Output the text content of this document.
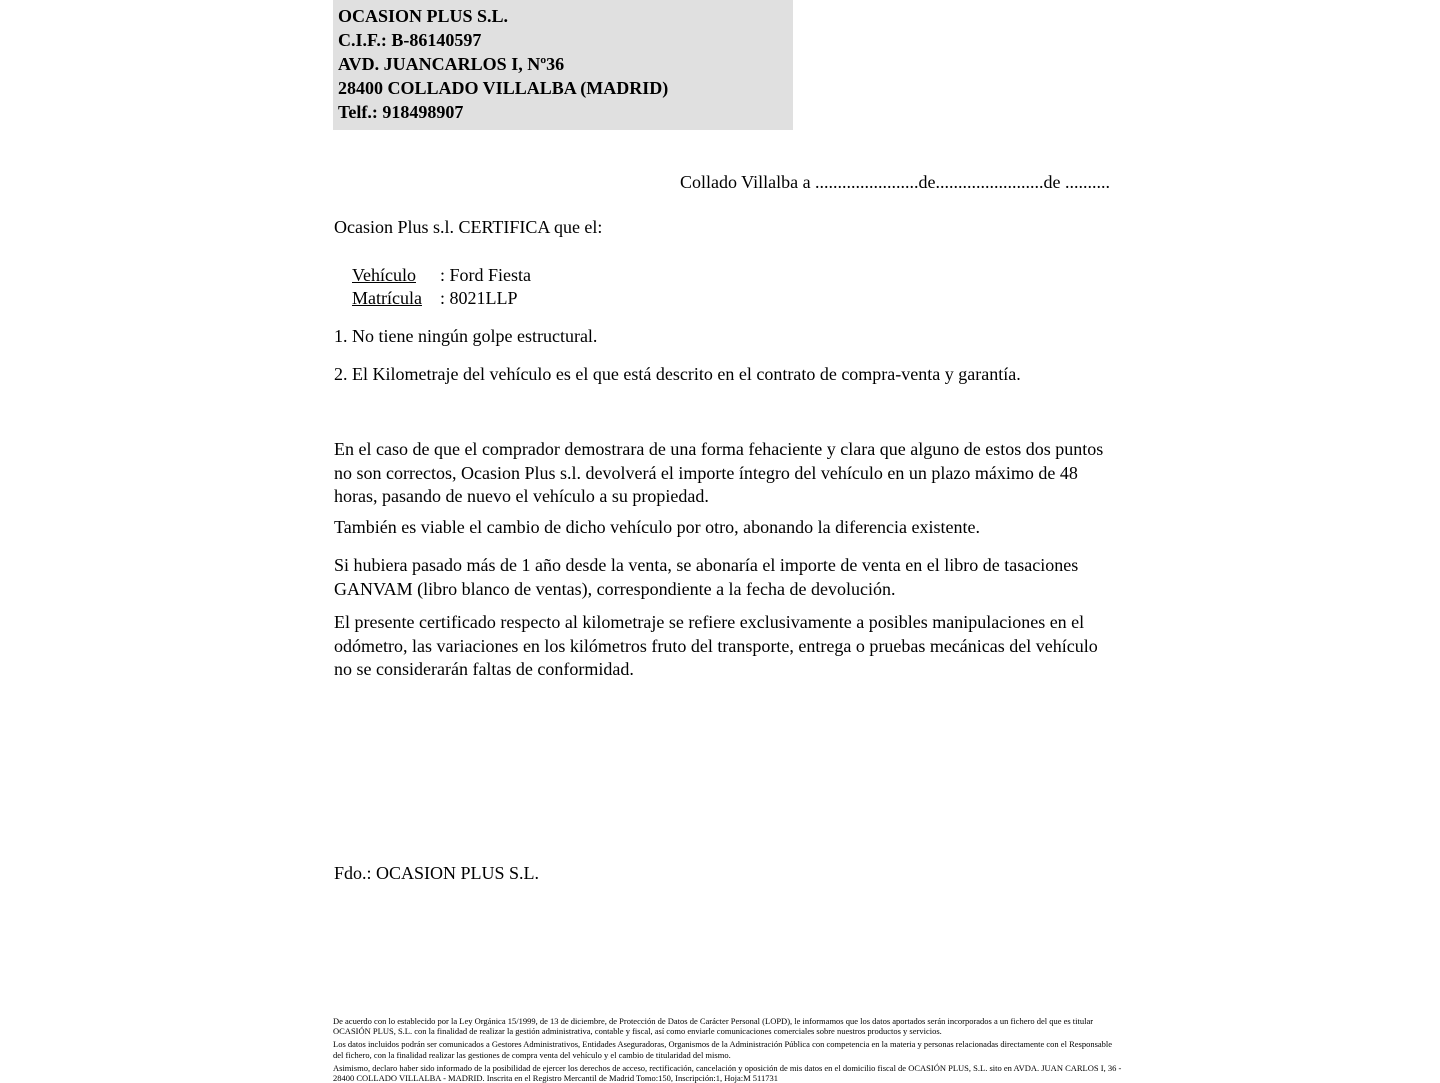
OCASION PLUS S.L.
C.I.F.: B-86140597
AVD. JUANCARLOS I, Nº36
28400 COLLADO VILLALBA (MADRID)
Telf.: 918498907
Collado Villalba a .......................de........................de ..........
Ocasion Plus s.l. CERTIFICA que el:

Vehículo : Ford Fiesta

Matrícula : 8021LLP

1. No tiene ningún golpe estructural.
2. El Kilometraje del vehículo es el que está descrito en el contrato de compra-venta y garantía.
En el caso de que el comprador demostrara de una forma fehaciente y clara que alguno de estos dos puntos no son correctos, Ocasion Plus s.l. devolverá el importe íntegro del vehículo en un plazo máximo de 48 horas, pasando de nuevo el vehículo a su propiedad.
También es viable el cambio de dicho vehículo por otro, abonando la diferencia existente.
Si hubiera pasado más de 1 año desde la venta, se abonaría el importe de venta en el libro de tasaciones GANVAM (libro blanco de ventas), correspondiente a la fecha de devolución.
El presente certificado respecto al kilometraje se refiere exclusivamente a posibles manipulaciones en el odómetro, las variaciones en los kilómetros fruto del transporte, entrega o pruebas mecánicas del vehículo no se considerarán faltas de conformidad.
Fdo.: OCASION PLUS S.L.

De acuerdo con lo establecido por la Ley Orgánica 15/1999, de 13 de diciembre, de Protección de Datos de Carácter Personal (LOPD), le informamos que los datos aportados serán incorporados a un fichero del que es titular OCASIÓN PLUS, S.L. con la finalidad de realizar la gestión administrativa, contable y fiscal, así como enviarle comunicaciones comerciales sobre nuestros productos y servicios.

Los datos incluidos podrán ser comunicados a Gestores Administrativos, Entidades Aseguradoras, Organismos de la Administración Pública con competencia en la materia y personas relacionadas directamente con el Responsable del fichero, con la finalidad realizar las gestiones de compra venta del vehículo y el cambio de titularidad del mismo.

Asimismo, declaro haber sido informado de la posibilidad de ejercer los derechos de acceso, rectificación, cancelación y oposición de mis datos en el domicilio fiscal de OCASIÓN PLUS, S.L. sito en AVDA. JUAN CARLOS I, 36 - 28400 COLLADO VILLALBA - MADRID. Inscrita en el Registro Mercantil de Madrid Tomo:150, Inscripción:1, Hoja:M 511731
